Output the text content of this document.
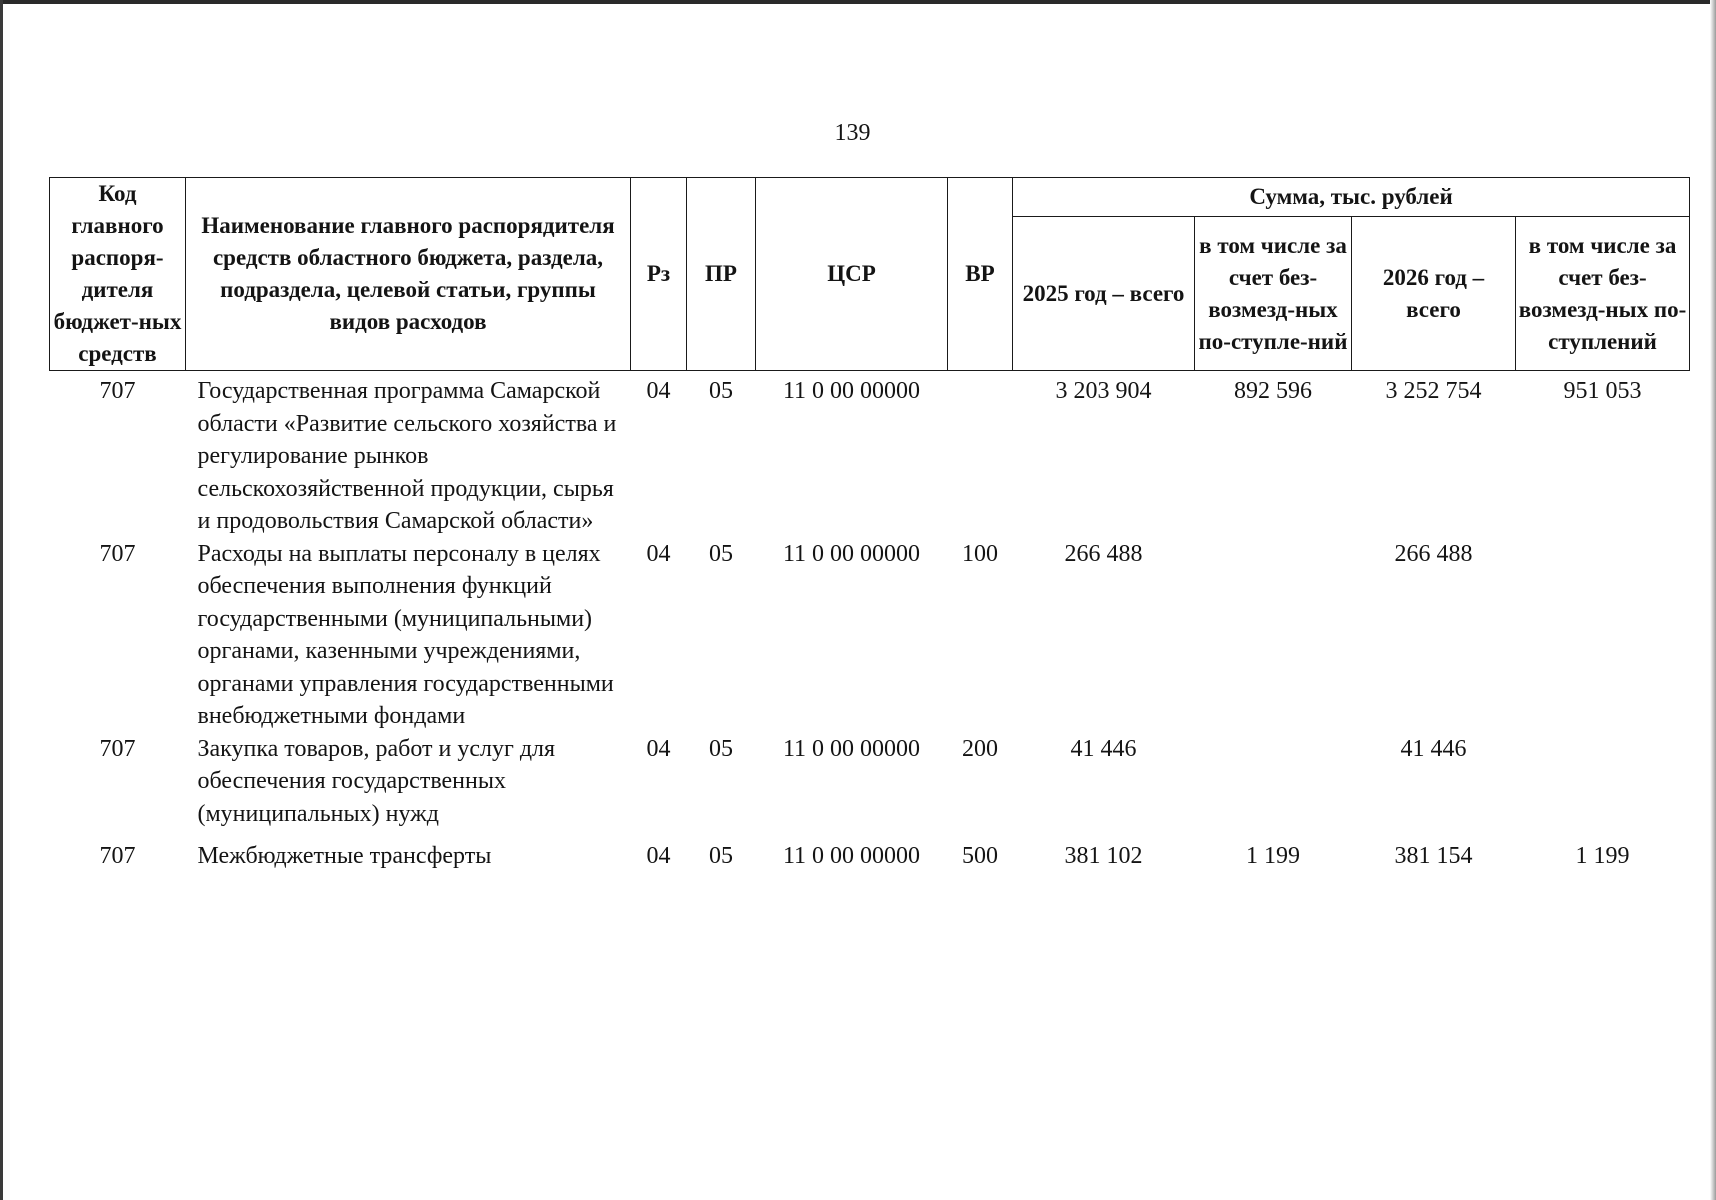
139
Код главного распоря-дителя бюджет-ных средств	Наименование главного распорядителя средств областного бюджета, раздела, подраздела, целевой статьи, группы видов расходов	Рз	ПР	ЦСР	ВР	Сумма, тыс. рублей			
						2025 год – всего	в том числе за счет без-возмезд-ных по-ступле-ний	2026 год – всего	в том числе за счет без-возмезд-ных по-ступлений
707	Государственная программа Самарской области «Развитие сельского хозяйства и регулирование рынков сельскохозяйственной продукции, сырья и продовольствия Самарской области»	04	05	11 0 00 00000		3 203 904	892 596	3 252 754	951 053
707	Расходы на выплаты персоналу в целях обеспечения выполнения функций государственными (муниципальными) органами, казенными учреждениями, органами управления государственными внебюджетными фондами	04	05	11 0 00 00000	100	266 488		266 488	
707	Закупка товаров, работ и услуг для обеспечения государственных (муниципальных) нужд	04	05	11 0 00 00000	200	41 446		41 446	
707	Межбюджетные трансферты	04	05	11 0 00 00000	500	381 102	1 199	381 154	1 199
